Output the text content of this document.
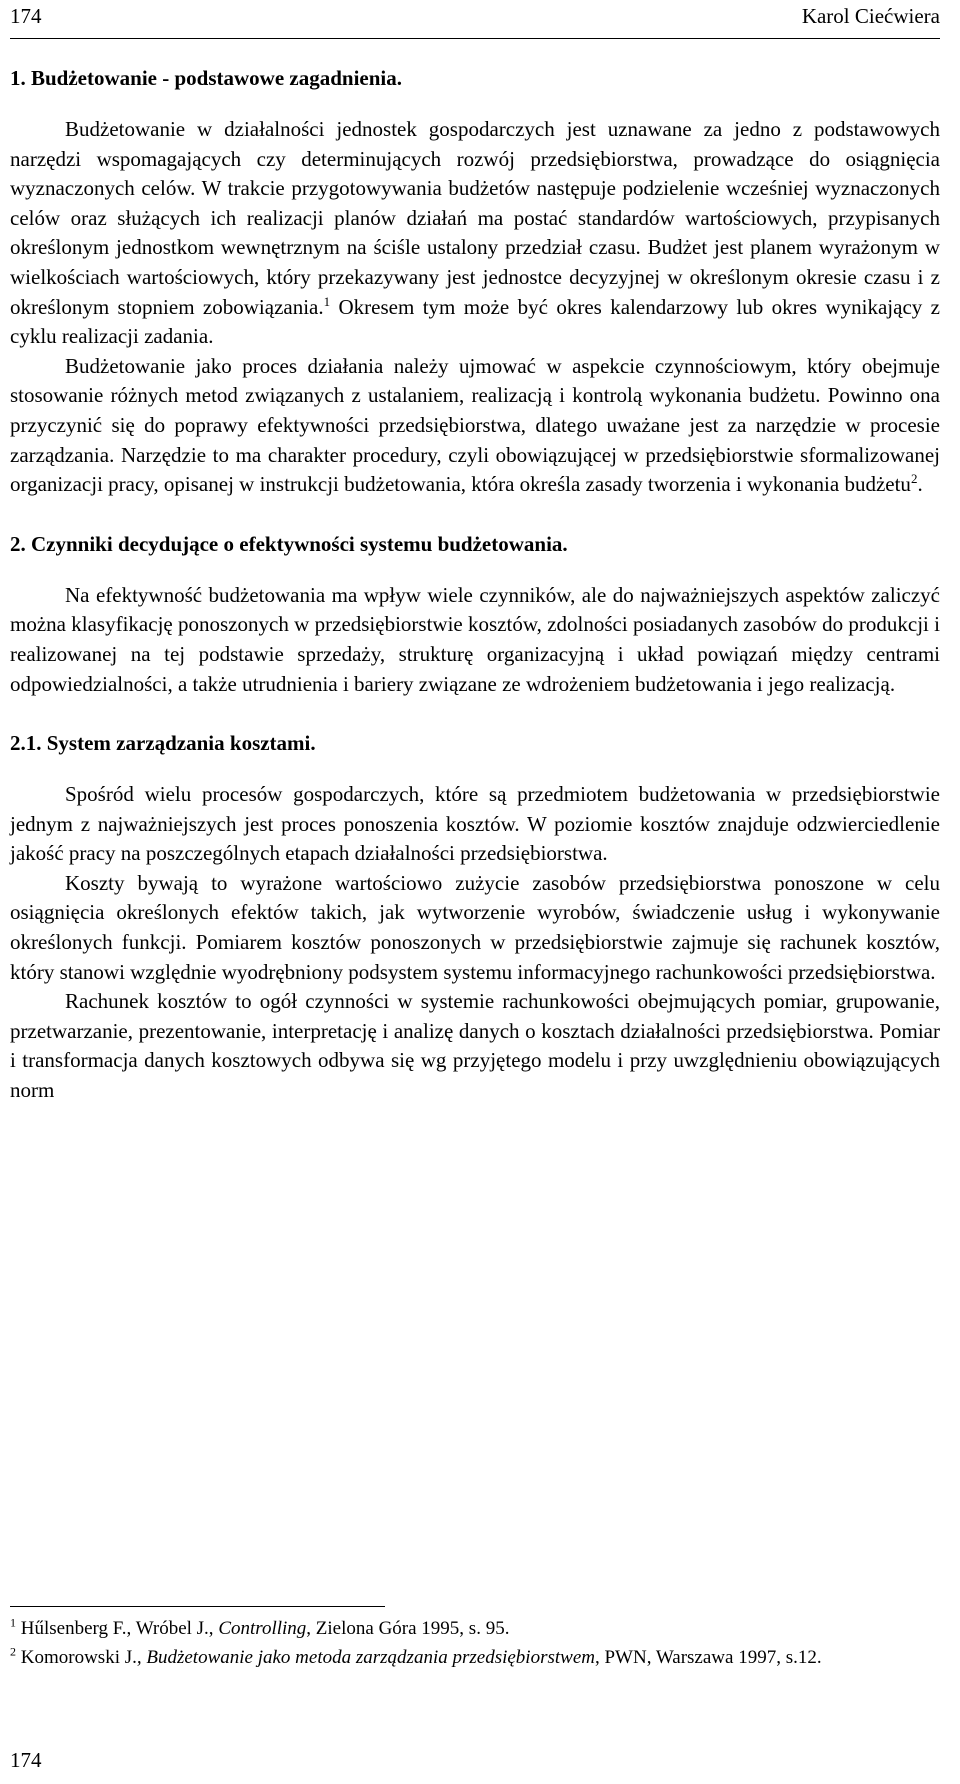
174	Karol Ciećwiera
1. Budżetowanie - podstawowe zagadnienia.

Budżetowanie w działalności jednostek gospodarczych jest uznawane za jedno z podstawowych narzędzi wspomagających czy determinujących rozwój przedsiębiorstwa, prowadzące do osiągnięcia wyznaczonych celów. W trakcie przygotowywania budżetów następuje podzielenie wcześniej wyznaczonych celów oraz służących ich realizacji planów działań ma postać standardów wartościowych, przypisanych określonym jednostkom wewnętrznym na ściśle ustalony przedział czasu. Budżet jest planem wyrażonym w wielkościach wartościowych, który przekazywany jest jednostce decyzyjnej w określonym okresie czasu i z określonym stopniem zobowiązania.$^1$ Okresem tym może być okres kalendarzowy lub okres wynikający z cyklu realizacji zadania.

Budżetowanie jako proces działania należy ujmować w aspekcie czynnościowym, który obejmuje stosowanie różnych metod związanych z ustalaniem, realizacją i kontrolą wykonania budżetu. Powinno ona przyczynić się do poprawy efektywności przedsiębiorstwa, dlatego uważane jest za narzędzie w procesie zarządzania. Narzędzie to ma charakter procedury, czyli obowiązującej w przedsiębiorstwie sformalizowanej organizacji pracy, opisanej w instrukcji budżetowania, która określa zasady tworzenia i wykonania budżetu$^2$.

2. Czynniki decydujące o efektywności systemu budżetowania.

Na efektywność budżetowania ma wpływ wiele czynników, ale do najważniejszych aspektów zaliczyć można klasyfikację ponoszonych w przedsiębiorstwie kosztów, zdolności posiadanych zasobów do produkcji i realizowanej na tej podstawie sprzedaży, strukturę organizacyjną i układ powiązań między centrami odpowiedzialności, a także utrudnienia i bariery związane ze wdrożeniem budżetowania i jego realizacją.

2.1. System zarządzania kosztami.

Spośród wielu procesów gospodarczych, które są przedmiotem budżetowania w przedsiębiorstwie jednym z najważniejszych jest proces ponoszenia kosztów. W poziomie kosztów znajduje odzwierciedlenie jakość pracy na poszczególnych etapach działalności przedsiębiorstwa.

Koszty bywają to wyrażone wartościowo zużycie zasobów przedsiębiorstwa ponoszone w celu osiągnięcia określonych efektów takich, jak wytworzenie wyrobów, świadczenie usług i wykonywanie określonych funkcji. Pomiarem kosztów ponoszonych w przedsiębiorstwie zajmuje się rachunek kosztów, który stanowi względnie wyodrębniony podsystem systemu informacyjnego rachunkowości przedsiębiorstwa.

Rachunek kosztów to ogół czynności w systemie rachunkowości obejmujących pomiar, grupowanie, przetwarzanie, prezentowanie, interpretację i analizę danych o kosztach działalności przedsiębiorstwa. Pomiar i transformacja danych kosztowych odbywa się wg przyjętego modelu i przy uwzględnieniu obowiązujących norm

$^1$ Hűlsenberg F., Wróbel J., Controlling, Zielona Góra 1995, s. 95.

$^2$ Komorowski J., Budżetowanie jako metoda zarządzania przedsiębiorstwem, PWN, Warszawa 1997, s.12.

174
